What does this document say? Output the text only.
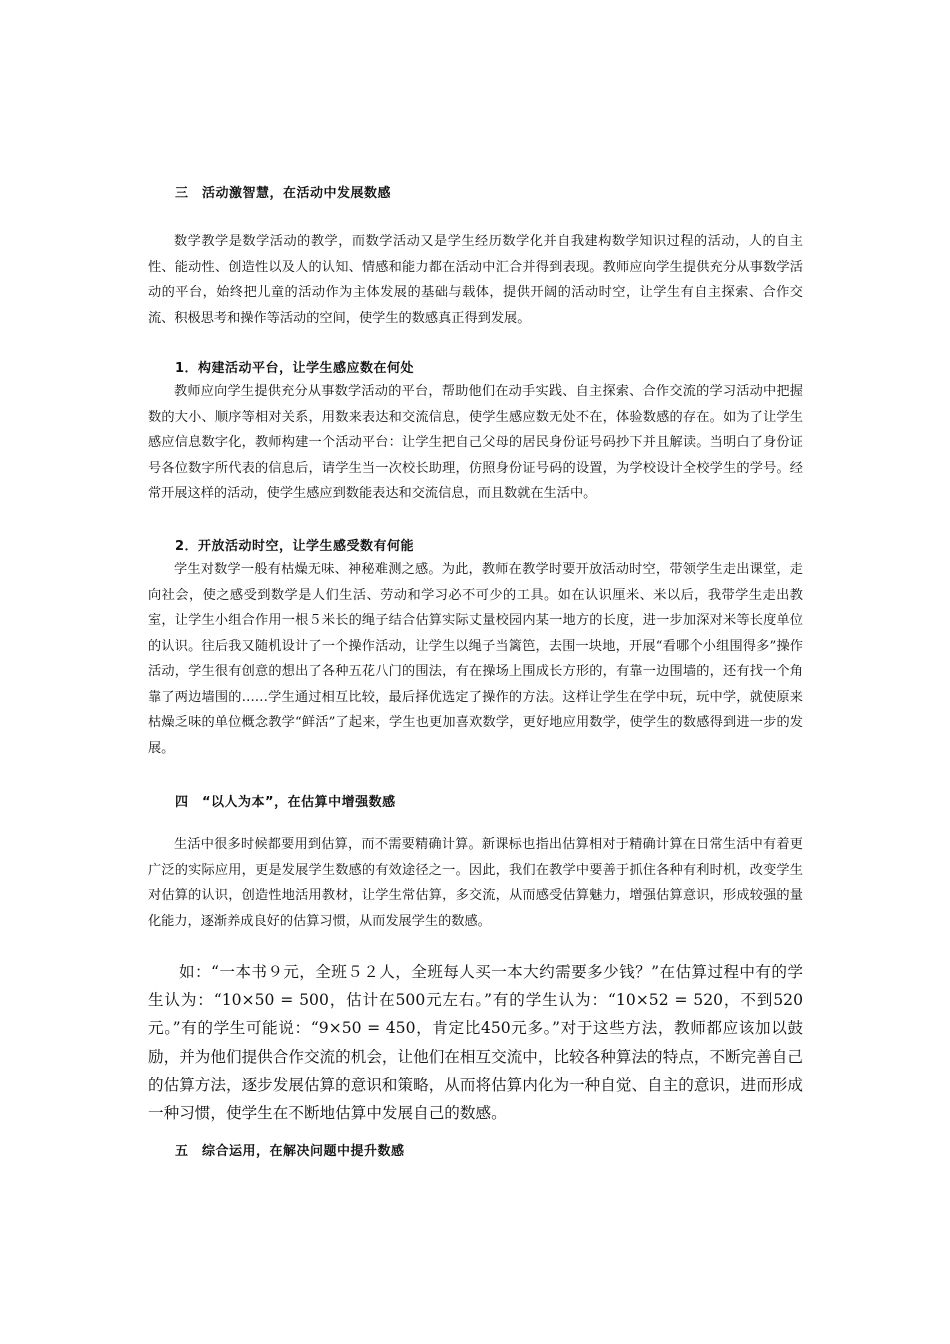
三　活动激智慧，在活动中发展数感

数学教学是数学活动的教学，而数学活动又是学生经历数学化并自我建构数学知识过程的活动，人的自主性、能动性、创造性以及人的认知、情感和能力都在活动中汇合并得到表现。教师应向学生提供充分从事数学活动的平台，始终把儿童的活动作为主体发展的基础与载体，提供开阔的活动时空，让学生有自主探索、合作交流、积极思考和操作等活动的空间，使学生的数感真正得到发展。

1．构建活动平台，让学生感应数在何处

教师应向学生提供充分从事数学活动的平台，帮助他们在动手实践、自主探索、合作交流的学习活动中把握数的大小、顺序等相对关系，用数来表达和交流信息，使学生感应数无处不在，体验数感的存在。如为了让学生感应信息数字化，教师构建一个活动平台：让学生把自己父母的居民身份证号码抄下并且解读。当明白了身份证号各位数字所代表的信息后，请学生当一次校长助理，仿照身份证号码的设置，为学校设计全校学生的学号。经常开展这样的活动，使学生感应到数能表达和交流信息，而且数就在生活中。

2．开放活动时空，让学生感受数有何能

学生对数学一般有枯燥无味、神秘难测之感。为此，教师在教学时要开放活动时空，带领学生走出课堂，走向社会，使之感受到数学是人们生活、劳动和学习必不可少的工具。如在认识厘米、米以后，我带学生走出教室，让学生小组合作用一根５米长的绳子结合估算实际丈量校园内某一地方的长度，进一步加深对米等长度单位的认识。往后我又随机设计了一个操作活动，让学生以绳子当篱笆，去围一块地，开展“看哪个小组围得多”操作活动，学生很有创意的想出了各种五花八门的围法，有在操场上围成长方形的，有靠一边围墙的，还有找一个角靠了两边墙围的……学生通过相互比较，最后择优选定了操作的方法。这样让学生在学中玩，玩中学，就使原来枯燥乏味的单位概念教学“鲜活”了起来，学生也更加喜欢数学，更好地应用数学，使学生的数感得到进一步的发展。

四　“以人为本”，在估算中增强数感

生活中很多时候都要用到估算，而不需要精确计算。新课标也指出估算相对于精确计算在日常生活中有着更广泛的实际应用，更是发展学生数感的有效途径之一。因此，我们在教学中要善于抓住各种有利时机，改变学生对估算的认识，创造性地活用教材，让学生常估算，多交流，从而感受估算魅力，增强估算意识，形成较强的量化能力，逐渐养成良好的估算习惯，从而发展学生的数感。

如：“一本书９元，全班５２人，全班每人买一本大约需要多少钱？”在估算过程中有的学生认为：“10×50 = 500，估计在500元左右。”有的学生认为：“10×52 = 520，不到520元。”有的学生可能说：“9×50 = 450，肯定比450元多。”对于这些方法，教师都应该加以鼓励，并为他们提供合作交流的机会，让他们在相互交流中，比较各种算法的特点，不断完善自己的估算方法，逐步发展估算的意识和策略，从而将估算内化为一种自觉、自主的意识，进而形成一种习惯，使学生在不断地估算中发展自己的数感。

五　综合运用，在解决问题中提升数感
